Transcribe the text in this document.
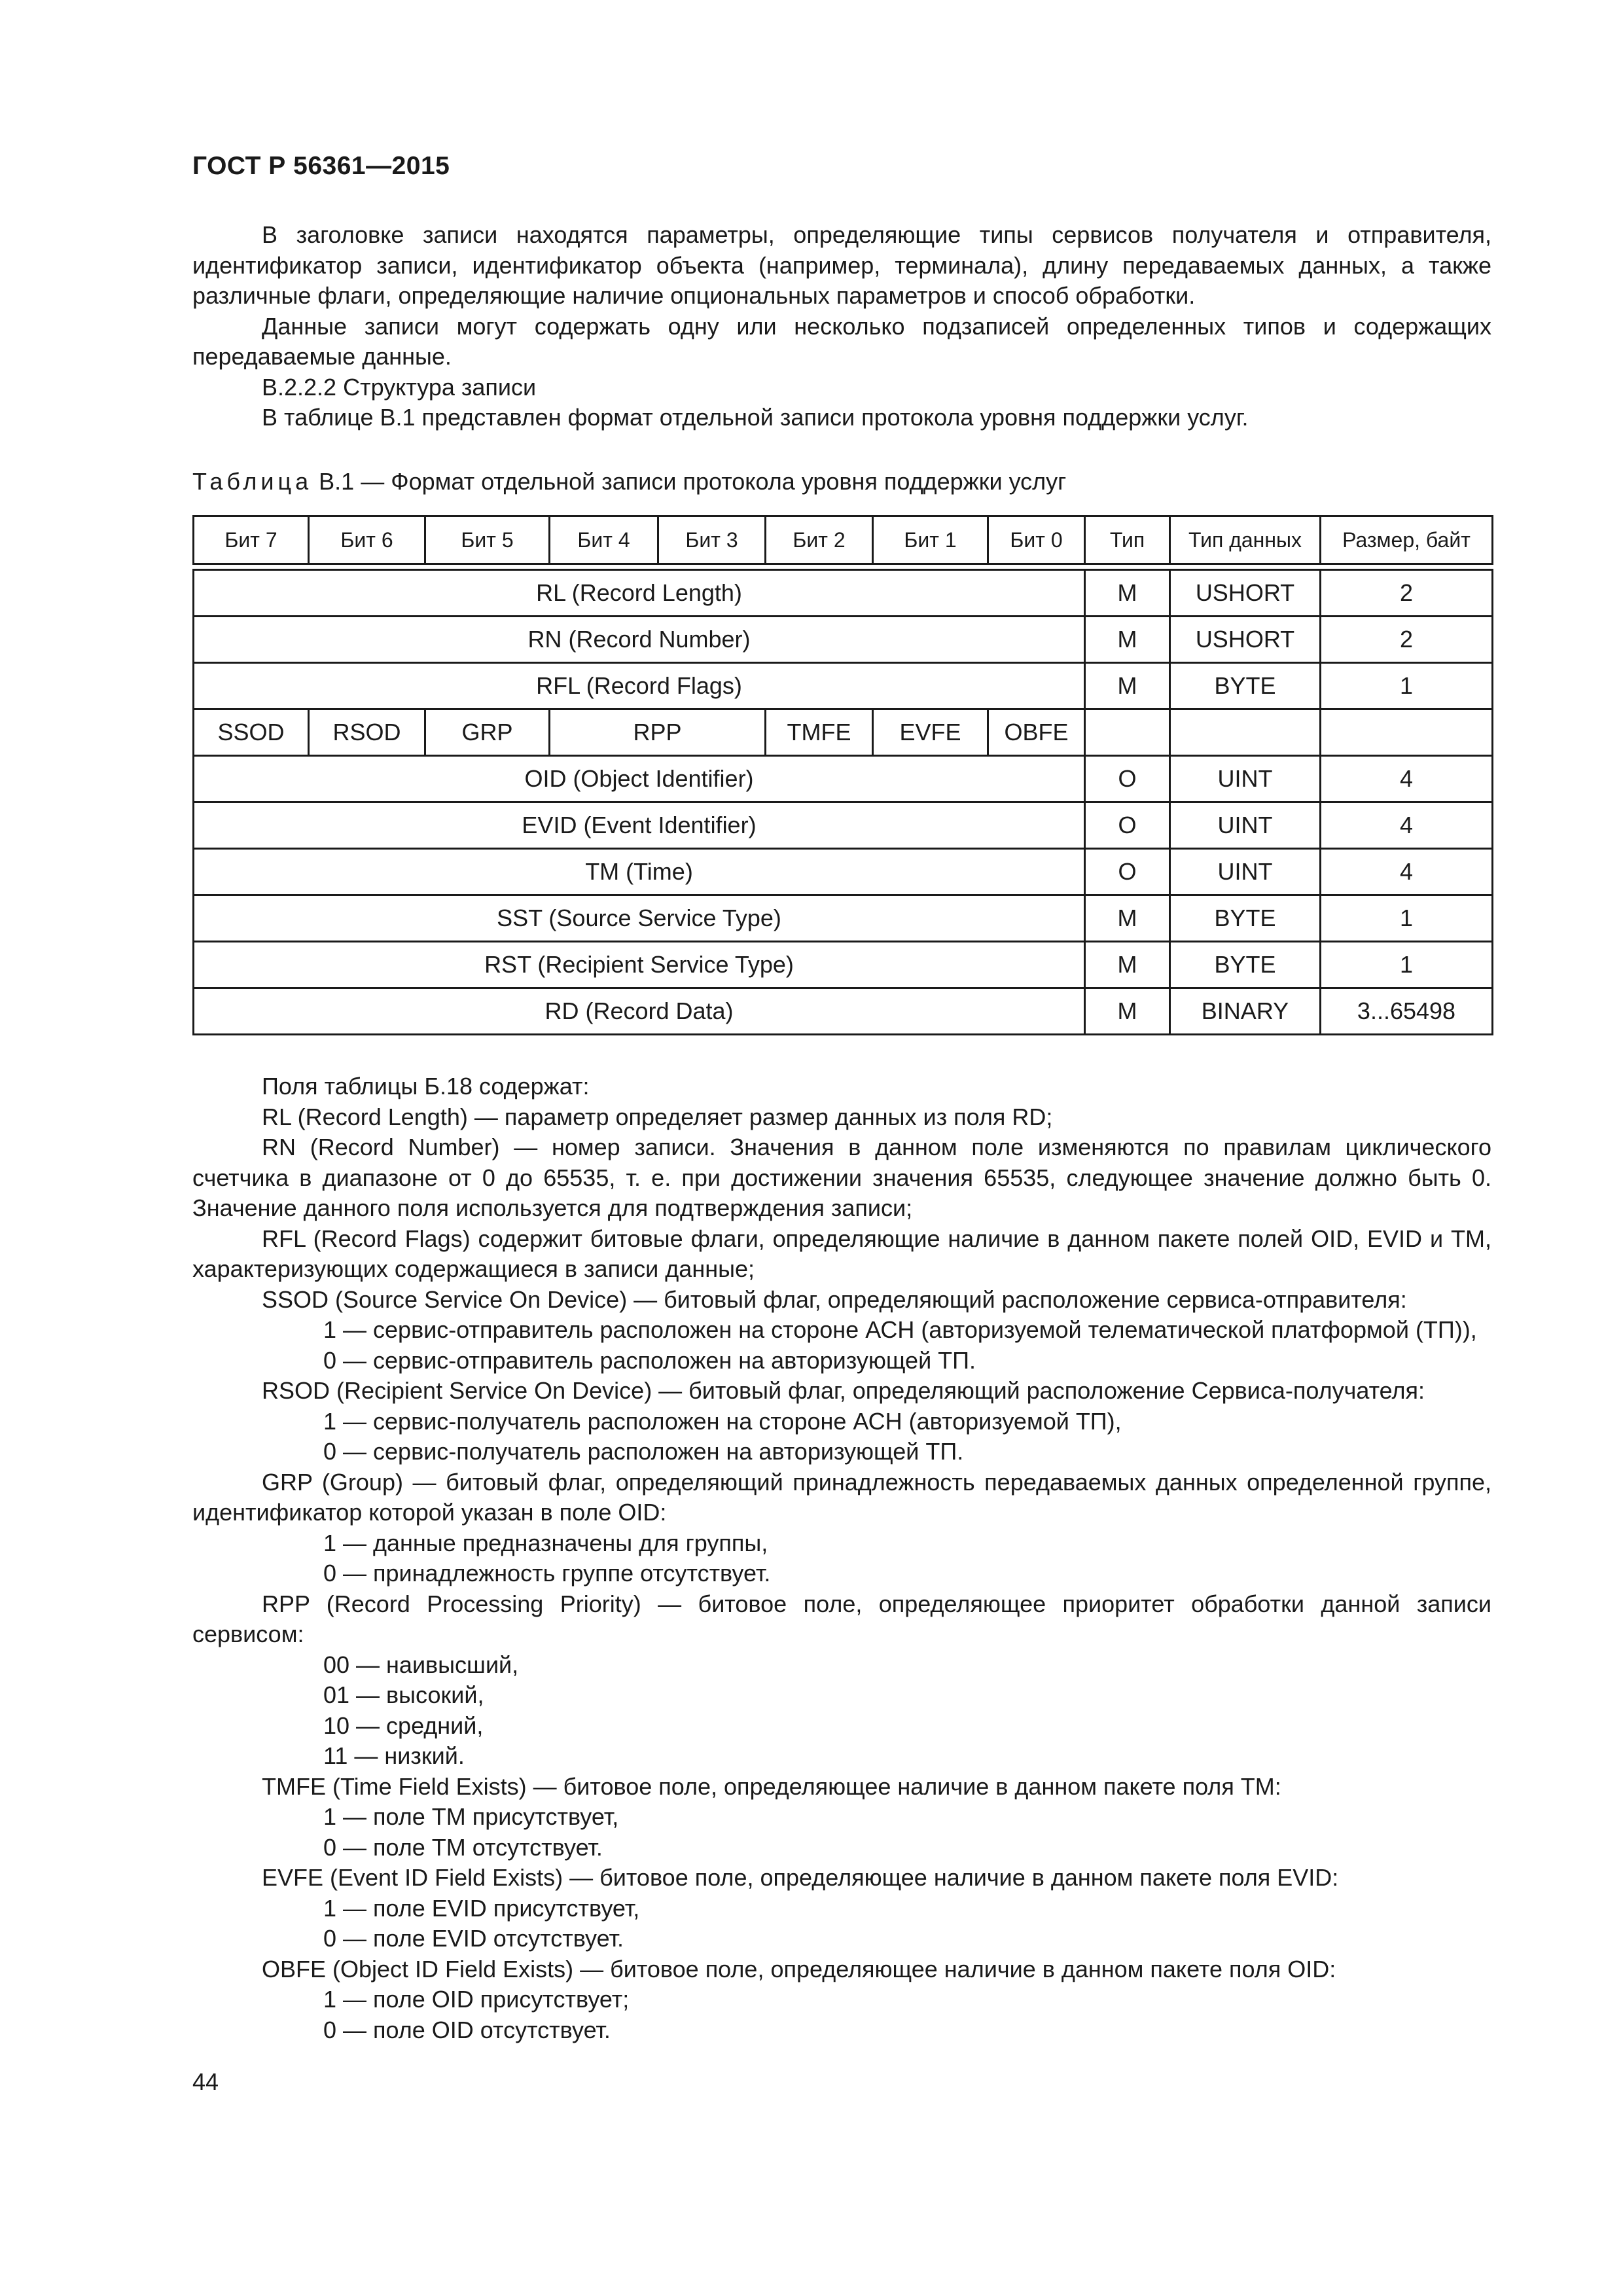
ГОСТ Р 56361—2015

В заголовке записи находятся параметры, определяющие типы сервисов получателя и отправителя, идентификатор записи, идентификатор объекта (например, терминала), длину передаваемых данных, а также различные флаги, определяющие наличие опциональных параметров и способ обработки.

Данные записи могут содержать одну или несколько подзаписей определенных типов и содержащих передаваемые данные.

В.2.2.2 Структура записи

В таблице В.1 представлен формат отдельной записи протокола уровня поддержки услуг.

Таблица В.1 — Формат отдельной записи протокола уровня поддержки услуг
Бит 7	Бит 6	Бит 5	Бит 4	Бит 3	Бит 2	Бит 1	Бит 0	Тип	Тип данных	Размер, байт

RL (Record Length)								M	USHORT	2
RN (Record Number)								M	USHORT	2
RFL (Record Flags)								M	BYTE	1
SSOD	RSOD	GRP	RPP		TMFE	EVFE	OBFE			
OID (Object Identifier)								O	UINT	4
EVID (Event Identifier)								O	UINT	4
TM (Time)								O	UINT	4
SST (Source Service Type)								M	BYTE	1
RST (Recipient Service Type)								M	BYTE	1
RD (Record Data)								M	BINARY	3...65498

Поля таблицы Б.18 содержат:

RL (Record Length) — параметр определяет размер данных из поля RD;

RN (Record Number) — номер записи. Значения в данном поле изменяются по правилам циклического счетчика в диапазоне от 0 до 65535, т. е. при достижении значения 65535, следующее значение должно быть 0. Значение данного поля используется для подтверждения записи;

RFL (Record Flags) содержит битовые флаги, определяющие наличие в данном пакете полей OID, EVID и TM, характеризующих содержащиеся в записи данные;

SSOD (Source Service On Device) — битовый флаг, определяющий расположение сервиса-отправителя:

1 — сервис-отправитель расположен на стороне АСН (авторизуемой телематической платформой (ТП)),

0 — сервис-отправитель расположен на авторизующей ТП.

RSOD (Recipient Service On Device) — битовый флаг, определяющий расположение Сервиса-получателя:

1 — сервис-получатель расположен на стороне АСН (авторизуемой ТП),

0 — сервис-получатель расположен на авторизующей ТП.

GRP (Group) — битовый флаг, определяющий принадлежность передаваемых данных определенной группе, идентификатор которой указан в поле OID:

1 — данные предназначены для группы,

0 — принадлежность группе отсутствует.

RPP (Record Processing Priority) — битовое поле, определяющее приоритет обработки данной записи сервисом:

00 — наивысший,

01 — высокий,

10 — средний,

11 — низкий.

TMFE (Time Field Exists) — битовое поле, определяющее наличие в данном пакете поля TM:

1 — поле TM присутствует,

0 — поле TM отсутствует.

EVFE (Event ID Field Exists) — битовое поле, определяющее наличие в данном пакете поля EVID:

1 — поле EVID присутствует,

0 — поле EVID отсутствует.

OBFE (Object ID Field Exists) — битовое поле, определяющее наличие в данном пакете поля OID:

1 — поле OID присутствует;

0 — поле OID отсутствует.

44
